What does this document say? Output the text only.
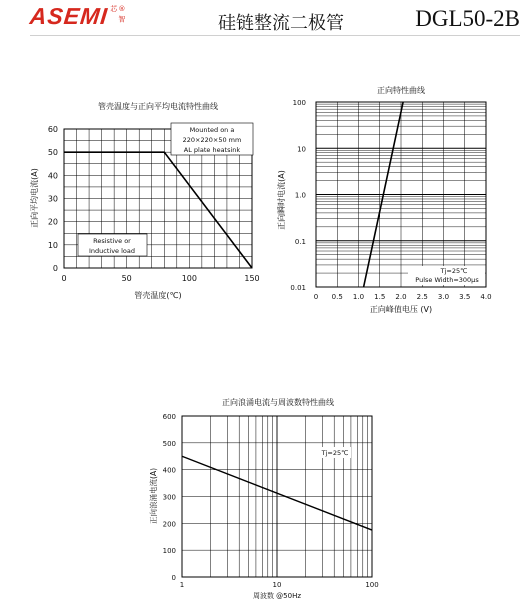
ASEMI	® 智芯
硅链整流二极管	DGL50-2B
管壳温度与正向平均电流特性曲线
0	50	100	150
0
10
20
30
40
50
60
管壳温度(℃)
正向平均电流(A)
Mounted on a
220×220×50 mm
AL plate heatsink
Resistive or
Inductive load
正向特性曲线
0 0.5 1.0 1.5 2.0 2.5 3.0 3.5 4.0
0.01
0.1
1.0
10
100
正向峰值电压 (V)
正向瞬时电流(A)
Tj=25℃
Pulse Width=300μs
正向浪涌电流与周波数特性曲线
1	10	100
0
100
200
300
400
500
600
周波数 @50Hz
正向浪涌电流(A)
Tj=25℃
